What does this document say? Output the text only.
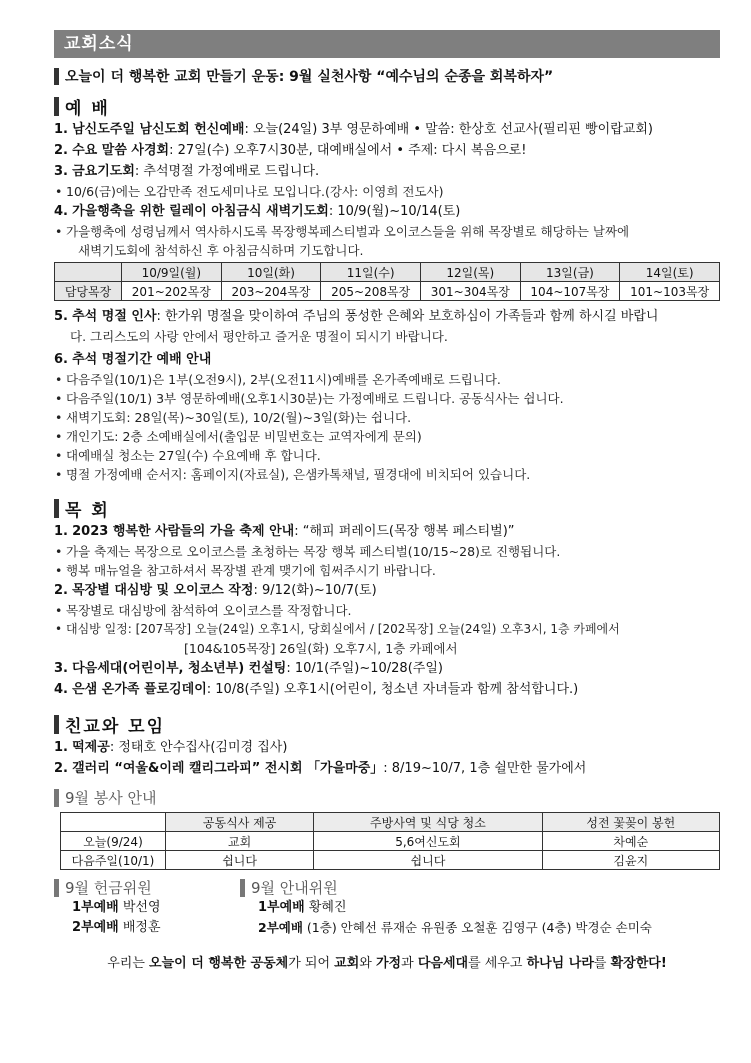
교회소식
오늘이 더 행복한 교회 만들기 운동: 9월 실천사항 “예수님의 순종을 회복하자”
예 배
1. 남신도주일 남신도회 헌신예배: 오늘(24일) 3부 영문하예배 • 말씀: 한상호 선교사(필리핀 빵이랍교회)
2. 수요 말씀 사경회: 27일(수) 오후7시30분, 대예배실에서 • 주제: 다시 복음으로!
3. 금요기도회: 추석명절 가정예배로 드립니다.
• 10/6(금)에는 오감만족 전도세미나로 모입니다.(강사: 이영희 전도사)
4. 가을행축을 위한 릴레이 아침금식 새벽기도회: 10/9(월)~10/14(토)
• 가을행축에 성령님께서 역사하시도록 목장행복페스티벌과 오이코스들을 위해 목장별로 해당하는 날짜에
새벽기도회에 참석하신 후 아침금식하며 기도합니다.
	10/9일(월)	10일(화)	11일(수)	12일(목)	13일(금)	14일(토)
담당목장	201~202목장	203~204목장	205~208목장	301~304목장	104~107목장	101~103목장
5. 추석 명절 인사: 한가위 명절을 맞이하여 주님의 풍성한 은혜와 보호하심이 가족들과 함께 하시길 바랍니
다. 그리스도의 사랑 안에서 평안하고 즐거운 명절이 되시기 바랍니다.
6. 추석 명절기간 예배 안내
• 다음주일(10/1)은 1부(오전9시), 2부(오전11시)예배를 온가족예배로 드립니다.
• 다음주일(10/1) 3부 영문하예배(오후1시30분)는 가정예배로 드립니다. 공동식사는 쉽니다.
• 새벽기도회: 28일(목)~30일(토), 10/2(월)~3일(화)는 쉽니다.
• 개인기도: 2층 소예배실에서(출입문 비밀번호는 교역자에게 문의)
• 대예배실 청소는 27일(수) 수요예배 후 합니다.
• 명절 가정예배 순서지: 홈페이지(자료실), 은샘카톡채널, 필경대에 비치되어 있습니다.
목 회
1. 2023 행복한 사람들의 가을 축제 안내: “해피 퍼레이드(목장 행복 페스티벌)”
• 가을 축제는 목장으로 오이코스를 초청하는 목장 행복 페스티벌(10/15~28)로 진행됩니다.
• 행복 매뉴얼을 참고하셔서 목장별 관계 맺기에 힘써주시기 바랍니다.
2. 목장별 대심방 및 오이코스 작정: 9/12(화)~10/7(토)
• 목장별로 대심방에 참석하여 오이코스를 작정합니다.
• 대심방 일정: [207목장] 오늘(24일) 오후1시, 당회실에서 / [202목장] 오늘(24일) 오후3시, 1층 카페에서
[104&105목장] 26일(화) 오후7시, 1층 카페에서
3. 다음세대(어린이부, 청소년부) 컨설팅: 10/1(주일)~10/28(주일)
4. 은샘 온가족 플로깅데이: 10/8(주일) 오후1시(어린이, 청소년 자녀들과 함께 참석합니다.)
친교와 모임
1. 떡제공: 정태호 안수집사(김미경 집사)
2. 갤러리 “여울&이레 캘리그라피” 전시회 「가을마중」: 8/19~10/7, 1층 쉴만한 물가에서
9월 봉사 안내
	공동식사 제공	주방사역 및 식당 청소	성전 꽃꽂이 봉헌
오늘(9/24)	교회	5,6여신도회	차예순
다음주일(10/1)	쉽니다	쉽니다	김윤지
9월 헌금위원
1부예배 박선영
2부예배 배정훈
9월 안내위원
1부예배 황혜진
2부예배 (1층) 안혜선 류재순 유원종 오철훈 김영구 (4층) 박경순 손미숙
우리는 오늘이 더 행복한 공동체가 되어 교회와 가정과 다음세대를 세우고 하나님 나라를 확장한다!
